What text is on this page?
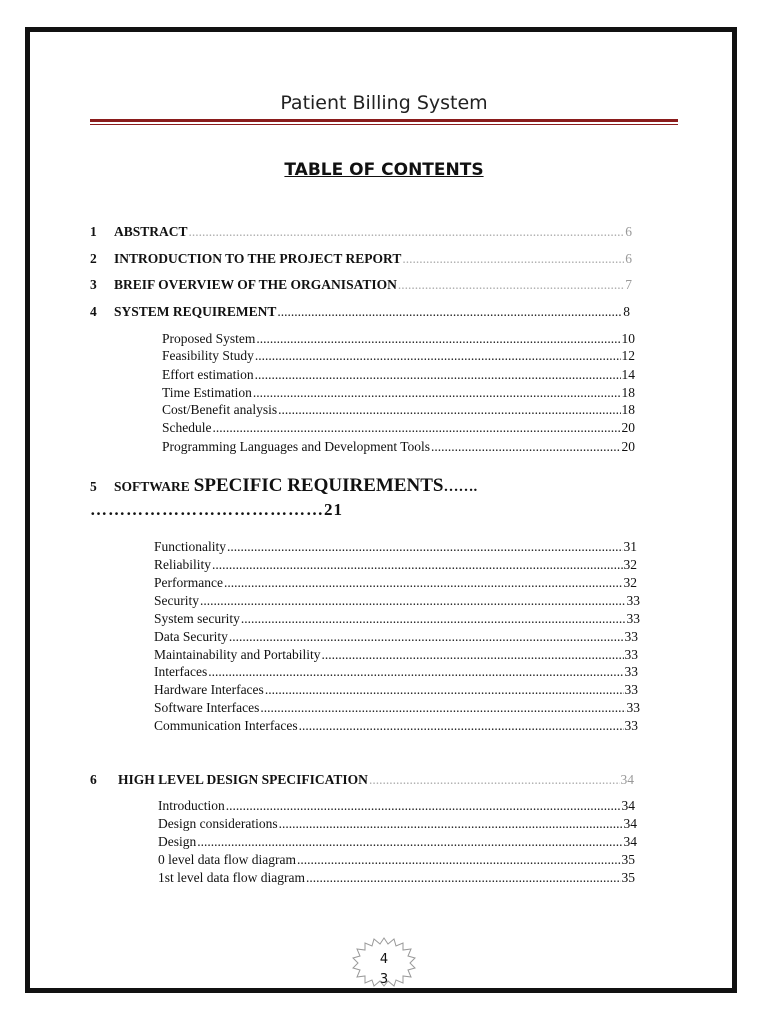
Patient Billing System
TABLE OF CONTENTS
1	ABSTRACT .....	6
2	INTRODUCTION TO THE PROJECT REPORT .....	6
3	BREIF OVERVIEW OF THE ORGANISATION .....	7
4	SYSTEM REQUIREMENT .....	8
Proposed System .....	10
Feasibility Study .....	12
Effort estimation .....	14
Time Estimation .....	18
Cost/Benefit analysis .....	18
Schedule .....	20
Programming Languages and Development Tools .....	20
5 SOFTWARE SPECIFIC REQUIREMENTS…….
…………………………………21
Functionality .....	31
Reliability .....	32
Performance .....	32
Security .....	33
System security .....	33
Data Security .....	33
Maintainability and Portability .....	33
Interfaces .....	33
Hardware Interfaces .....	33
Software Interfaces .....	33
Communication Interfaces .....	33
6	HIGH LEVEL DESIGN SPECIFICATION .....	34
Introduction .....	34
Design considerations .....	34
Design .....	34
0 level data flow diagram .....	35
1st level data flow diagram .....	35
4
3
